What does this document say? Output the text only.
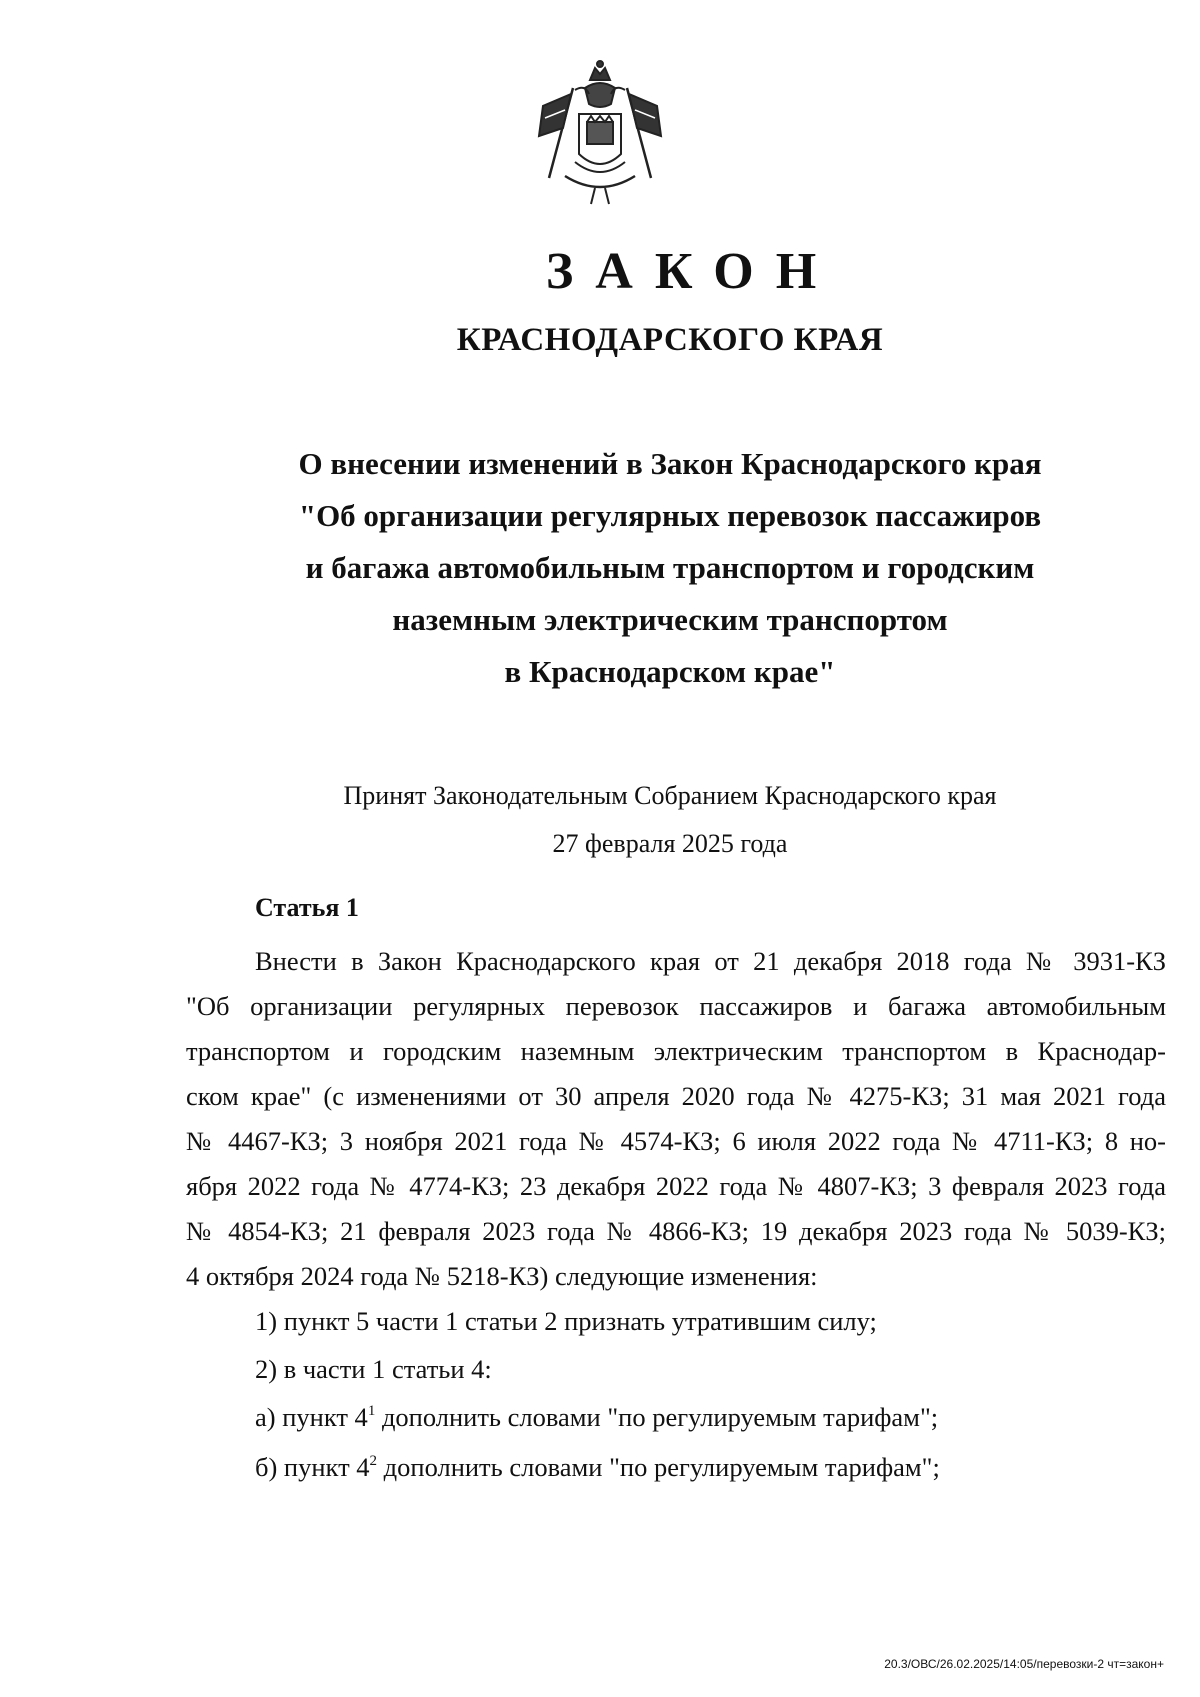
ЗАКОН
КРАСНОДАРСКОГО КРАЯ
О внесении изменений в Закон Краснодарского края
"Об организации регулярных перевозок пассажиров
и багажа автомобильным транспортом и городским
наземным электрическим транспортом
в Краснодарском крае"
Принят Законодательным Собранием Краснодарского края
27 февраля 2025 года
Статья 1
Внести в Закон Краснодарского края от 21 декабря 2018 года № 3931-КЗ
"Об организации регулярных перевозок пассажиров и багажа автомобильным
транспортом и городским наземным электрическим транспортом в Краснодар-
ском крае" (с изменениями от 30 апреля 2020 года № 4275-КЗ; 31 мая 2021 года
№ 4467-КЗ; 3 ноября 2021 года № 4574-КЗ; 6 июля 2022 года № 4711-КЗ; 8 но-
ября 2022 года № 4774-КЗ; 23 декабря 2022 года № 4807-КЗ; 3 февраля 2023 года
№ 4854-КЗ; 21 февраля 2023 года № 4866-КЗ; 19 декабря 2023 года № 5039-КЗ;
4 октября 2024 года № 5218-КЗ) следующие изменения:
1) пункт 5 части 1 статьи 2 признать утратившим силу;
2) в части 1 статьи 4:
а) пункт $4^1$ дополнить словами "по регулируемым тарифам";
б) пункт $4^2$ дополнить словами "по регулируемым тарифам";
20.3/ОВС/26.02.2025/14:05/перевозки-2 чт=закон+
